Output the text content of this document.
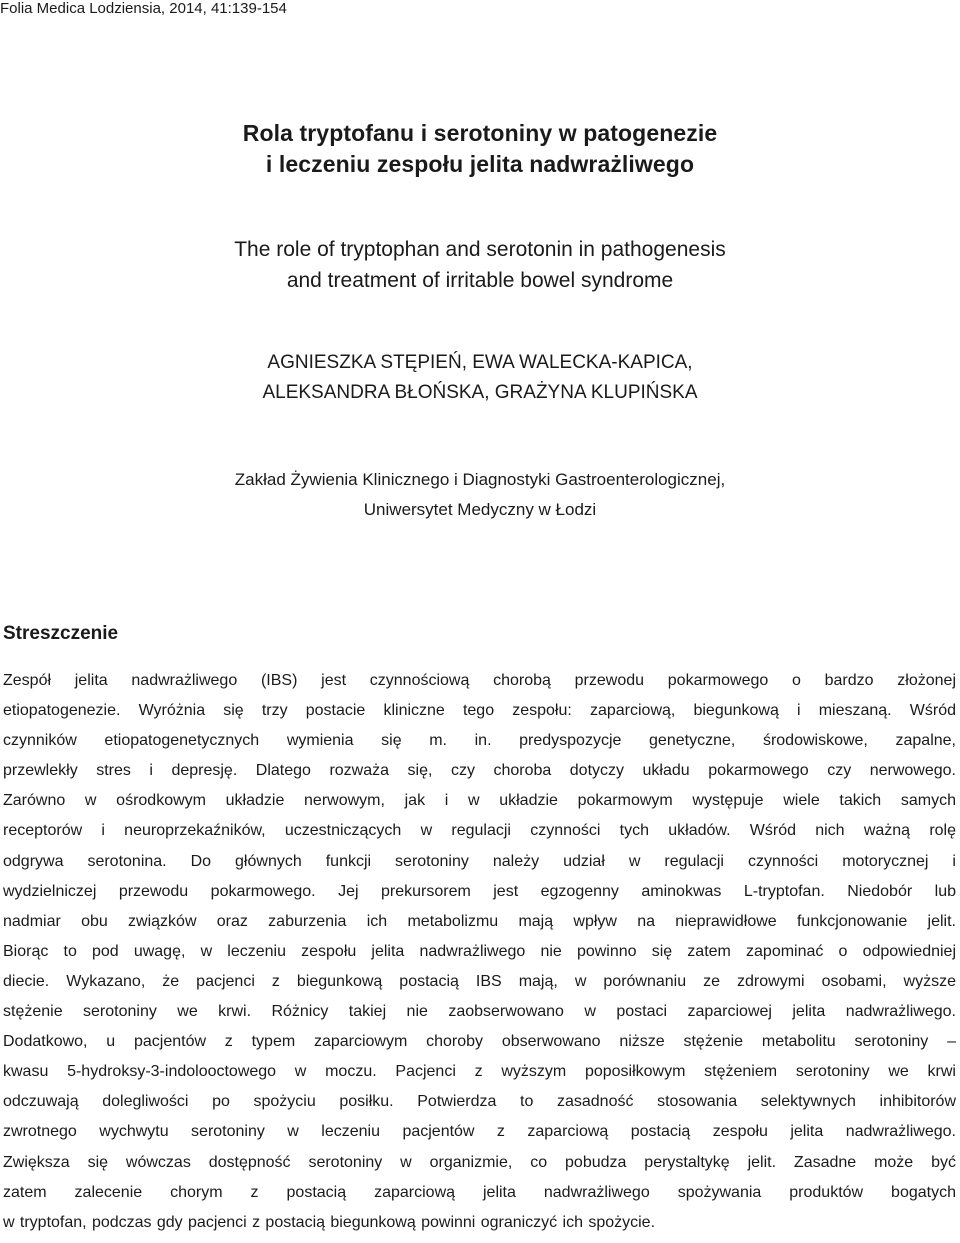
Folia Medica Lodziensia, 2014, 41:139-154
Rola tryptofanu i serotoniny w patogenezie
i leczeniu zespołu jelita nadwrażliwego
The role of tryptophan and serotonin in pathogenesis
and treatment of irritable bowel syndrome
AGNIESZKA STĘPIEŃ, EWA WALECKA-KAPICA,
ALEKSANDRA BŁOŃSKA, GRAŻYNA KLUPIŃSKA
Zakład Żywienia Klinicznego i Diagnostyki Gastroenterologicznej,
Uniwersytet Medyczny w Łodzi
Streszczenie
Zespół jelita nadwrażliwego (IBS) jest czynnościową chorobą przewodu pokarmowego o bardzo złożonej
etiopatogenezie. Wyróżnia się trzy postacie kliniczne tego zespołu: zaparciową, biegunkową i mieszaną. Wśród
czynników etiopatogenetycznych wymienia się m. in. predyspozycje genetyczne, środowiskowe, zapalne,
przewlekły stres i depresję. Dlatego rozważa się, czy choroba dotyczy układu pokarmowego czy nerwowego.
Zarówno w ośrodkowym układzie nerwowym, jak i w układzie pokarmowym występuje wiele takich samych
receptorów i neuroprzekaźników, uczestniczących w regulacji czynności tych układów. Wśród nich ważną rolę
odgrywa serotonina. Do głównych funkcji serotoniny należy udział w regulacji czynności motorycznej i
wydzielniczej przewodu pokarmowego. Jej prekursorem jest egzogenny aminokwas L-tryptofan. Niedobór lub
nadmiar obu związków oraz zaburzenia ich metabolizmu mają wpływ na nieprawidłowe funkcjonowanie jelit.
Biorąc to pod uwagę, w leczeniu zespołu jelita nadwrażliwego nie powinno się zatem zapominać o odpowiedniej
diecie. Wykazano, że pacjenci z biegunkową postacią IBS mają, w porównaniu ze zdrowymi osobami, wyższe
stężenie serotoniny we krwi. Różnicy takiej nie zaobserwowano w postaci zaparciowej jelita nadwrażliwego.
Dodatkowo, u pacjentów z typem zaparciowym choroby obserwowano niższe stężenie metabolitu serotoniny –
kwasu 5-hydroksy-3-indolooctowego w moczu. Pacjenci z wyższym poposiłkowym stężeniem serotoniny we krwi
odczuwają dolegliwości po spożyciu posiłku. Potwierdza to zasadność stosowania selektywnych inhibitorów
zwrotnego wychwytu serotoniny w leczeniu pacjentów z zaparciową postacią zespołu jelita nadwrażliwego.
Zwiększa się wówczas dostępność serotoniny w organizmie, co pobudza perystaltykę jelit. Zasadne może być
zatem zalecenie chorym z postacią zaparciową jelita nadwrażliwego spożywania produktów bogatych
w tryptofan, podczas gdy pacjenci z postacią biegunkową powinni ograniczyć ich spożycie.
